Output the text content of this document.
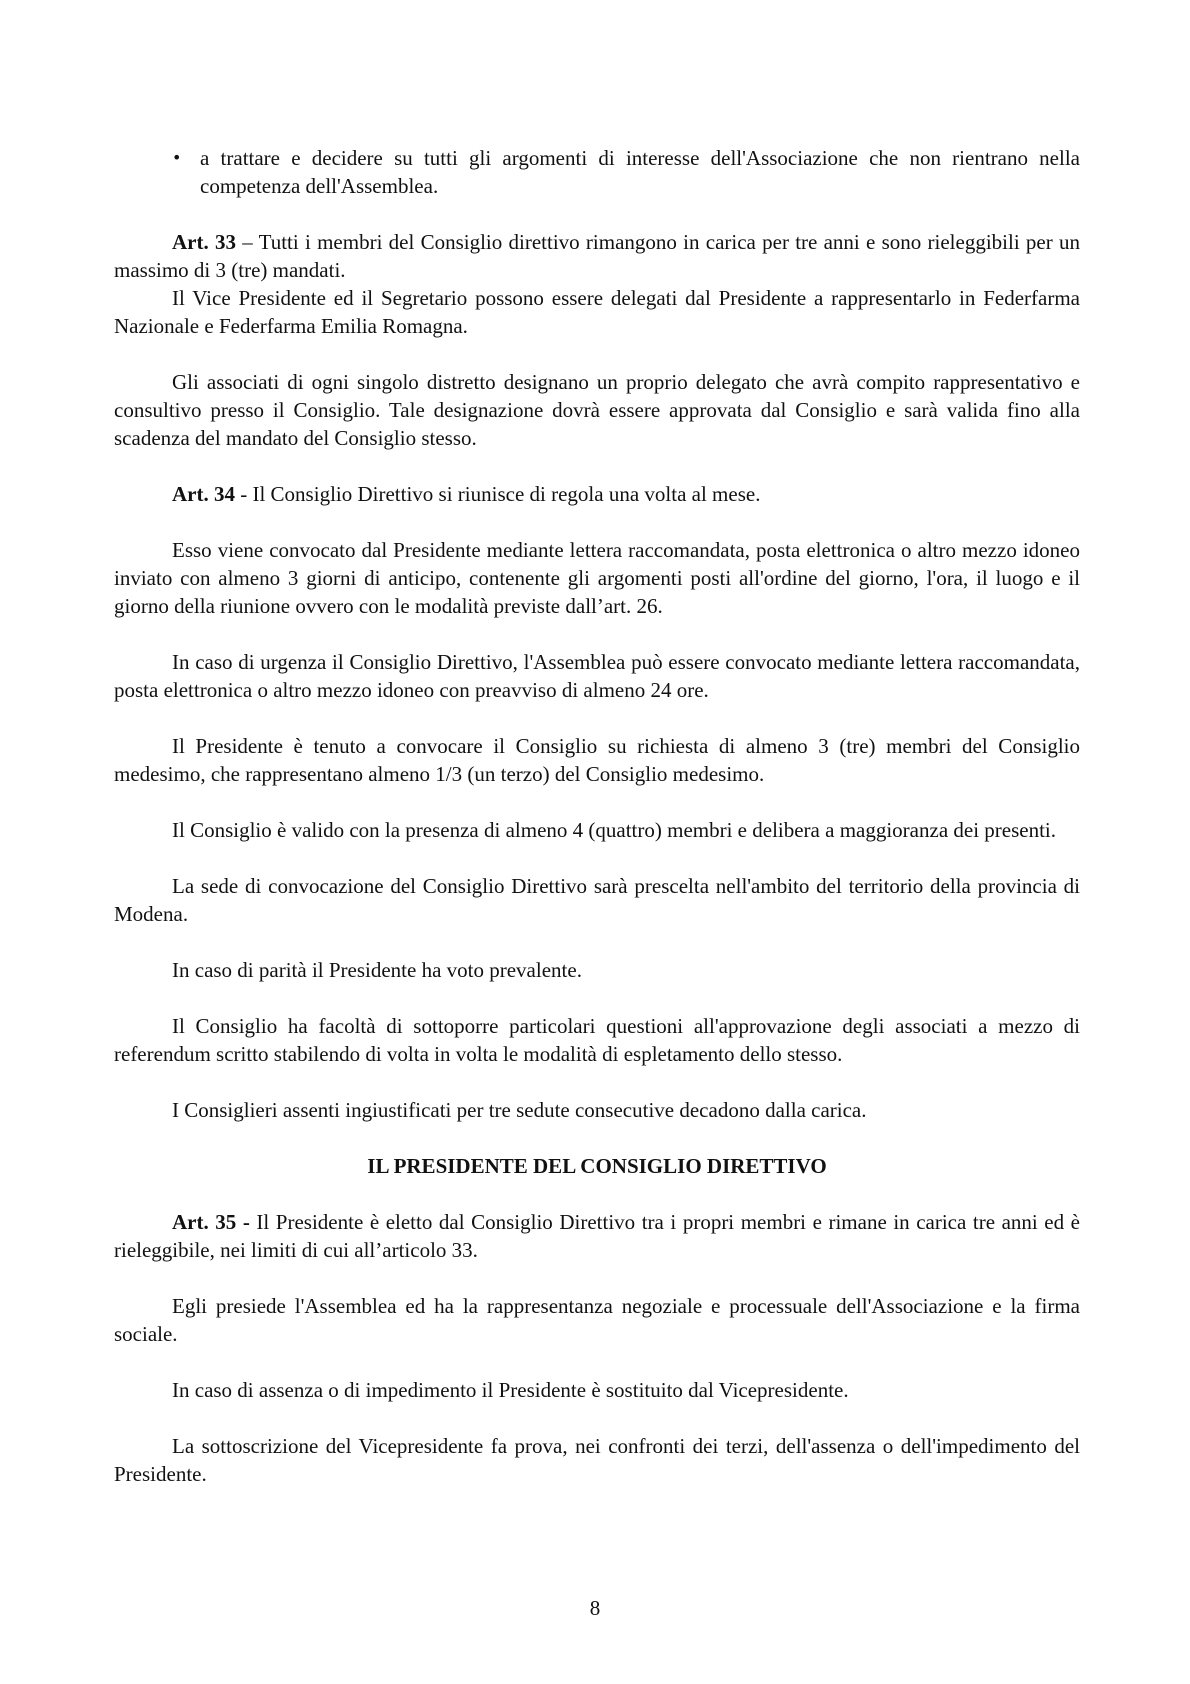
• a trattare e decidere su tutti gli argomenti di interesse dell'Associazione che non rientrano nella competenza dell'Assemblea.

Art. 33 – Tutti i membri del Consiglio direttivo rimangono in carica per tre anni e sono rieleggibili per un massimo di 3 (tre) mandati.

Il Vice Presidente ed il Segretario possono essere delegati dal Presidente a rappresentarlo in Federfarma Nazionale e Federfarma Emilia Romagna.

Gli associati di ogni singolo distretto designano un proprio delegato che avrà compito rappresentativo e consultivo presso il Consiglio. Tale designazione dovrà essere approvata dal Consiglio e sarà valida fino alla scadenza del mandato del Consiglio stesso.

Art. 34 - Il Consiglio Direttivo si riunisce di regola una volta al mese.

Esso viene convocato dal Presidente mediante lettera raccomandata, posta elettronica o altro mezzo idoneo inviato con almeno 3 giorni di anticipo, contenente gli argomenti posti all'ordine del giorno, l'ora, il luogo e il giorno della riunione ovvero con le modalità previste dall’art. 26.

In caso di urgenza il Consiglio Direttivo, l'Assemblea può essere convocato mediante lettera raccomandata, posta elettronica o altro mezzo idoneo con preavviso di almeno 24 ore.

Il Presidente è tenuto a convocare il Consiglio su richiesta di almeno 3 (tre) membri del Consiglio medesimo, che rappresentano almeno 1/3 (un terzo) del Consiglio medesimo.

Il Consiglio è valido con la presenza di almeno 4 (quattro) membri e delibera a maggioranza dei presenti.

La sede di convocazione del Consiglio Direttivo sarà prescelta nell'ambito del territorio della provincia di Modena.

In caso di parità il Presidente ha voto prevalente.

Il Consiglio ha facoltà di sottoporre particolari questioni all'approvazione degli associati a mezzo di referendum scritto stabilendo di volta in volta le modalità di espletamento dello stesso.

I Consiglieri assenti ingiustificati per tre sedute consecutive decadono dalla carica.

IL PRESIDENTE DEL CONSIGLIO DIRETTIVO

Art. 35 - Il Presidente è eletto dal Consiglio Direttivo tra i propri membri e rimane in carica tre anni ed è rieleggibile, nei limiti di cui all’articolo 33.

Egli presiede l'Assemblea ed ha la rappresentanza negoziale e processuale dell'Associazione e la firma sociale.

In caso di assenza o di impedimento il Presidente è sostituito dal Vicepresidente.

La sottoscrizione del Vicepresidente fa prova, nei confronti dei terzi, dell'assenza o dell'impedimento del Presidente.

8
